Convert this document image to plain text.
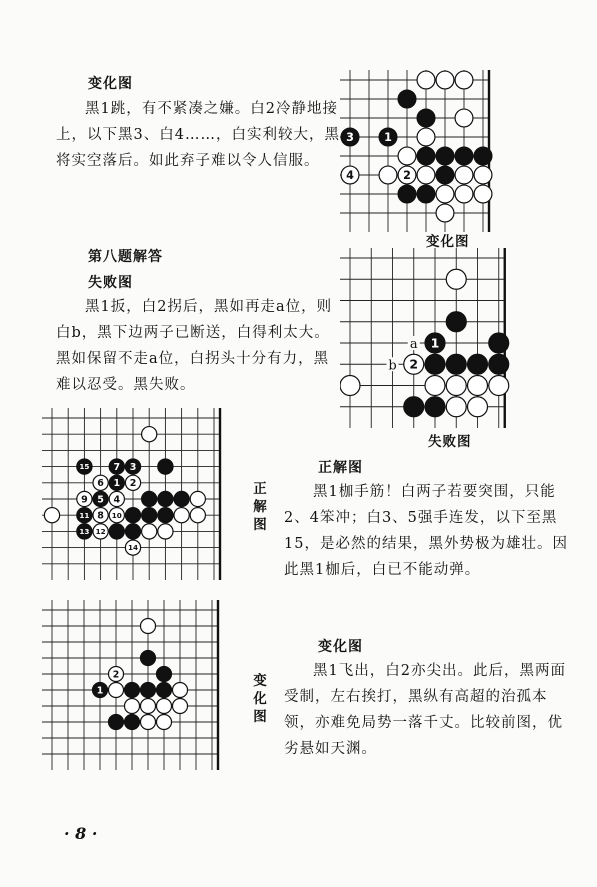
变化图
黑1跳，有不紧凑之嫌。白2冷静地接上，以下黑3、白4……，白实利较大，黑将实空落后。如此弃子难以令人信服。
第八题解答
失败图
黑1扳，白2拐后，黑如再走a位，则白b，黑下边两子已断送，白得利太大。黑如保留不走a位，白拐头十分有力，黑难以忍受。黑失败。
正解图
黑1枷手筋！白两子若要突围，只能2、4笨冲；白3、5强手连发，以下至黑15，是必然的结果，黑外势极为雄壮。因此黑1枷后，白已不能动弹。
变化图
黑1飞出，白2亦尖出。此后，黑两面受制，左右挨打，黑纵有高超的治孤本领，亦难免局势一落千丈。比较前图，优劣悬如天渊。
3	1
4	2
变化图
a
b
1
2
失败图
15	7 3
6 1 2
9 5 4
11 8 10
13 12
14
正解图
2
1
变化图
· 8 ·
